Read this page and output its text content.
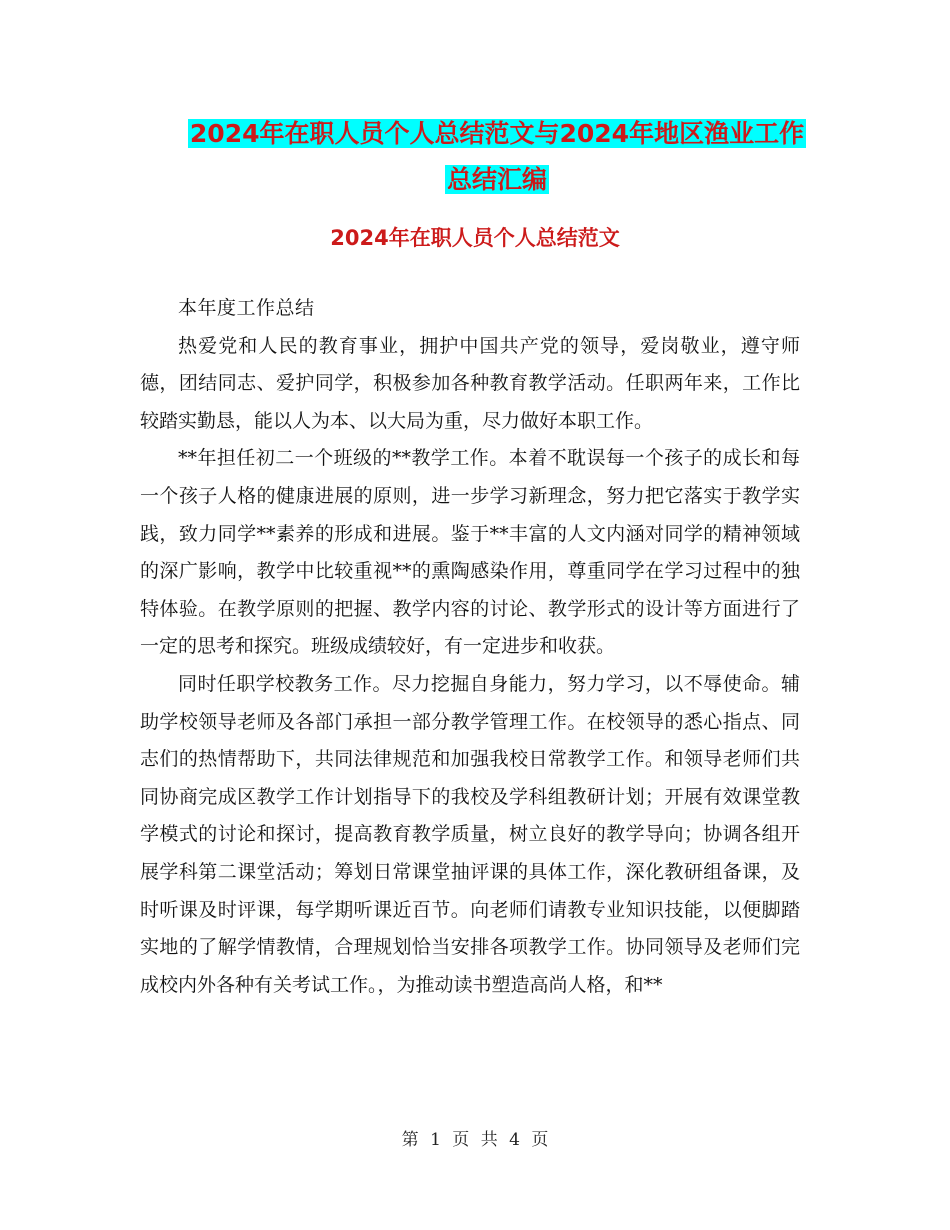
2024年在职人员个人总结范文与2024年地区渔业工作
总结汇编
2024年在职人员个人总结范文

本年度工作总结

热爱党和人民的教育事业，拥护中国共产党的领导，爱岗敬业，遵守师德，团结同志、爱护同学，积极参加各种教育教学活动。任职两年来，工作比较踏实勤恳，能以人为本、以大局为重，尽力做好本职工作。

**年担任初二一个班级的**教学工作。本着不耽误每一个孩子的成长和每一个孩子人格的健康进展的原则，进一步学习新理念，努力把它落实于教学实践，致力同学**素养的形成和进展。鉴于**丰富的人文内涵对同学的精神领域的深广影响，教学中比较重视**的熏陶感染作用，尊重同学在学习过程中的独特体验。在教学原则的把握、教学内容的讨论、教学形式的设计等方面进行了一定的思考和探究。班级成绩较好，有一定进步和收获。

同时任职学校教务工作。尽力挖掘自身能力，努力学习，以不辱使命。辅助学校领导老师及各部门承担一部分教学管理工作。在校领导的悉心指点、同志们的热情帮助下，共同法律规范和加强我校日常教学工作。和领导老师们共同协商完成区教学工作计划指导下的我校及学科组教研计划；开展有效课堂教学模式的讨论和探讨，提高教育教学质量，树立良好的教学导向；协调各组开展学科第二课堂活动；筹划日常课堂抽评课的具体工作，深化教研组备课，及时听课及时评课，每学期听课近百节。向老师们请教专业知识技能，以便脚踏实地的了解学情教情，合理规划恰当安排各项教学工作。协同领导及老师们完成校内外各种有关考试工作。，为推动读书塑造高尚人格，和**

第 1 页 共 4 页
